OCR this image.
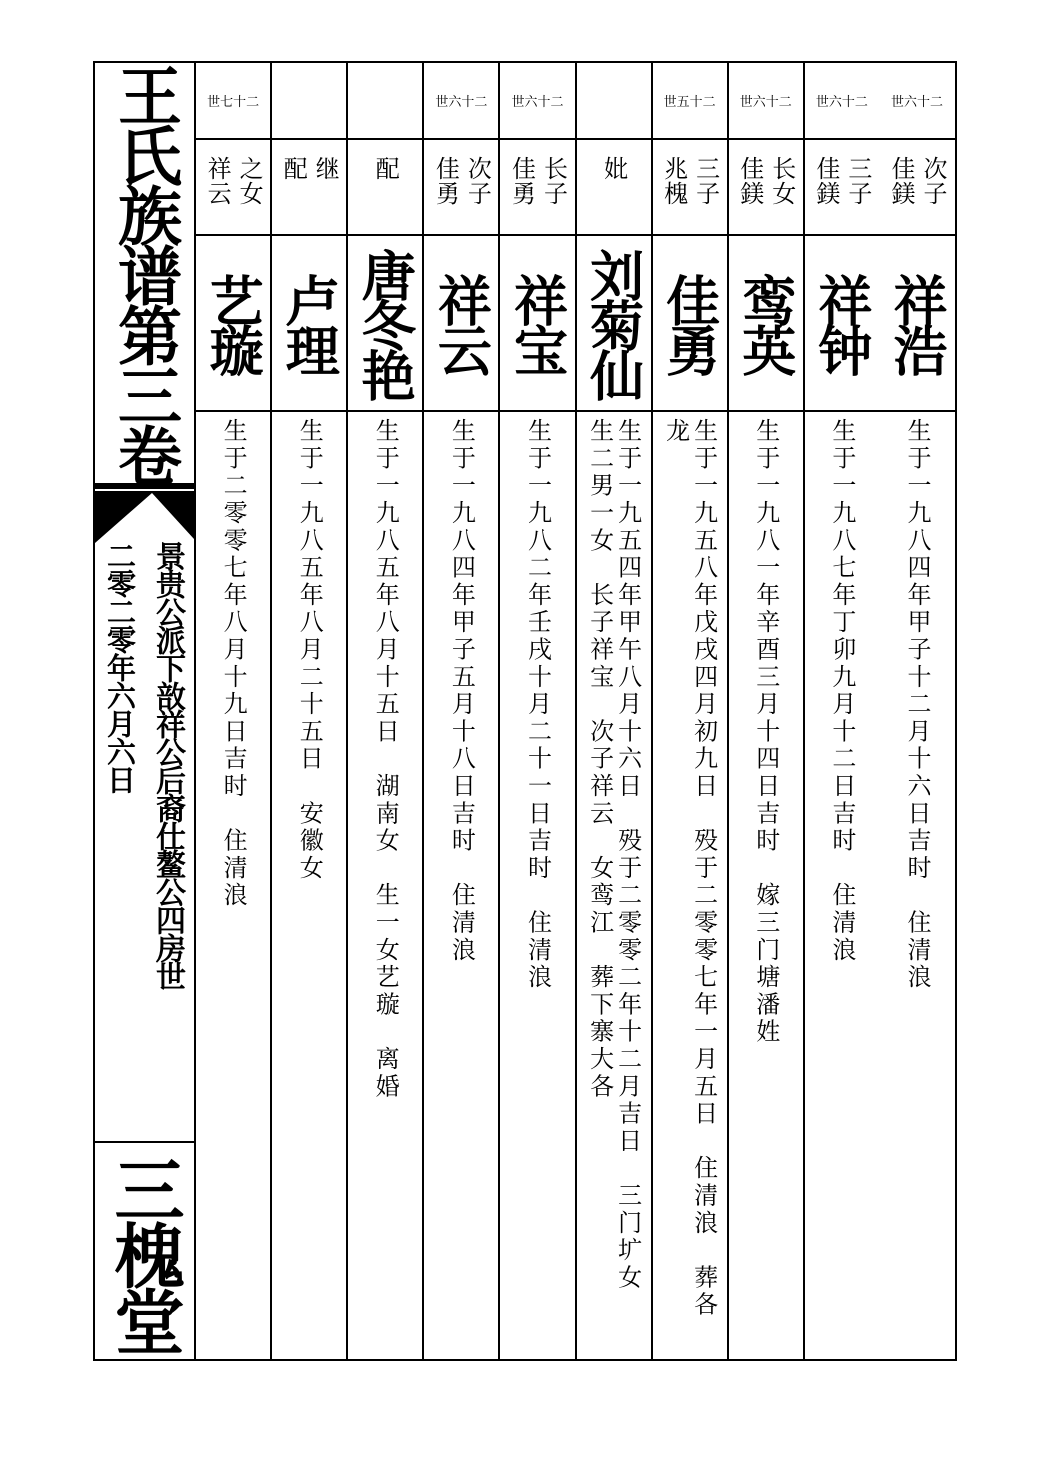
王氏族谱第三卷
景贵公派下敨祥公后裔仕鳌公四房世
二零二零年六月六日
三槐堂
世六十二
次子
佳鎂
祥浩
生于一九八四年甲子十二月十六日吉时　住清浪
世六十二
三子
佳鎂
祥钟
生于一九八七年丁卯九月十二日吉时　住清浪
世六十二
长女
佳鎂
鸾英
生于一九八一年辛酉三月十四日吉时　嫁三门塘潘姓
世五十二
三子
兆槐
佳勇
生于一九五八年戊戌四月初九日　殁于二零零七年一月五日　住清浪　葬各
龙
妣
刘菊仙
生于一九五四年甲午八月十六日　殁于二零零二年十二月吉日　三门圹女
生二男一女　长子祥宝　次子祥云　女鸾江　葬下寨大各
世六十二
长子
佳勇
祥宝
生于一九八二年壬戌十月二十一日吉时　住清浪
世六十二
次子
佳勇
祥云
生于一九八四年甲子五月十八日吉时　住清浪
配
唐冬艳
生于一九八五年八月十五日　湖南女　生一女艺璇　离婚
继
配
卢理
生于一九八五年八月二十五日　安徽女
世七十二
之女
祥云
艺璇
生于二零零七年八月十九日吉时　住清浪
